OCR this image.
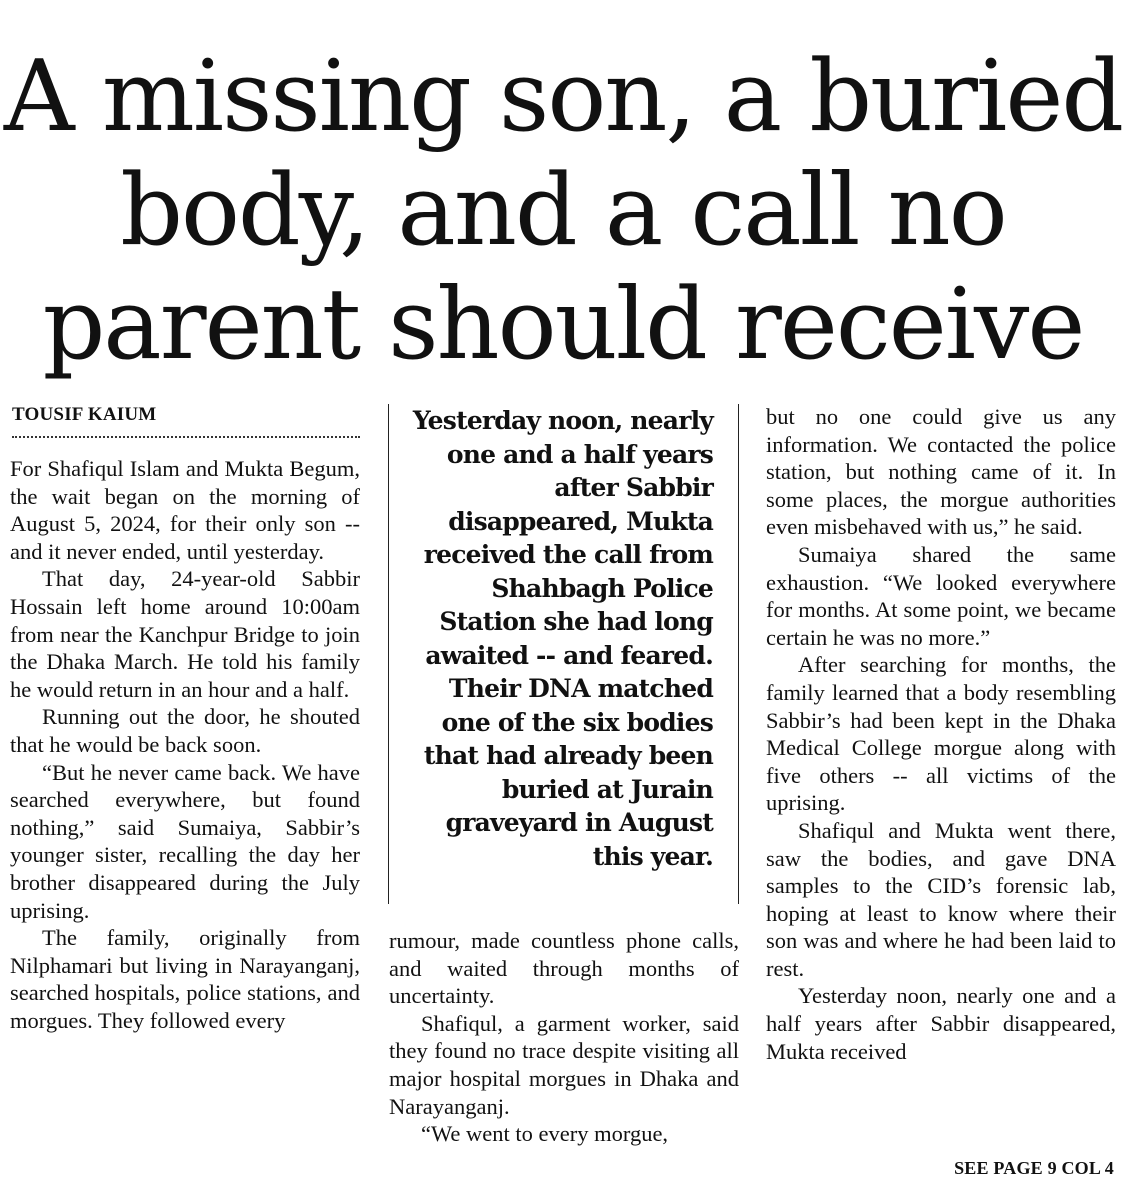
A missing son, a buried
body, and a call no
parent should receive
TOUSIF KAIUM

For Shafiqul Islam and Mukta Begum, the wait began on the morning of August 5, 2024, for their only son -- and it never ended, until yesterday.

That day, 24-year-old Sabbir Hossain left home around 10:00am from near the Kanchpur Bridge to join the Dhaka March. He told his family he would return in an hour and a half.

Running out the door, he shouted that he would be back soon.

“But he never came back. We have searched everywhere, but found nothing,” said Sumaiya, Sabbir’s younger sister, recalling the day her brother disappeared during the July uprising.

The family, originally from Nilphamari but living in Narayanganj, searched hospitals, police stations, and morgues. They followed every

Yesterday noon, nearly one and a half years after Sabbir disappeared, Mukta received the call from Shahbagh Police Station she had long awaited -- and feared. Their DNA matched one of the six bodies that had already been buried at Jurain graveyard in August this year.

rumour, made countless phone calls, and waited through months of uncertainty.

Shafiqul, a garment worker, said they found no trace despite visiting all major hospital morgues in Dhaka and Narayanganj.

“We went to every morgue,

but no one could give us any information. We contacted the police station, but nothing came of it. In some places, the morgue authorities even misbehaved with us,” he said.

Sumaiya shared the same exhaustion. “We looked everywhere for months. At some point, we became certain he was no more.”

After searching for months, the family learned that a body resembling Sabbir’s had been kept in the Dhaka Medical College morgue along with five others -- all victims of the uprising.

Shafiqul and Mukta went there, saw the bodies, and gave DNA samples to the CID’s forensic lab, hoping at least to know where their son was and where he had been laid to rest.

Yesterday noon, nearly one and a half years after Sabbir disappeared, Mukta received

SEE PAGE 9 COL 4
